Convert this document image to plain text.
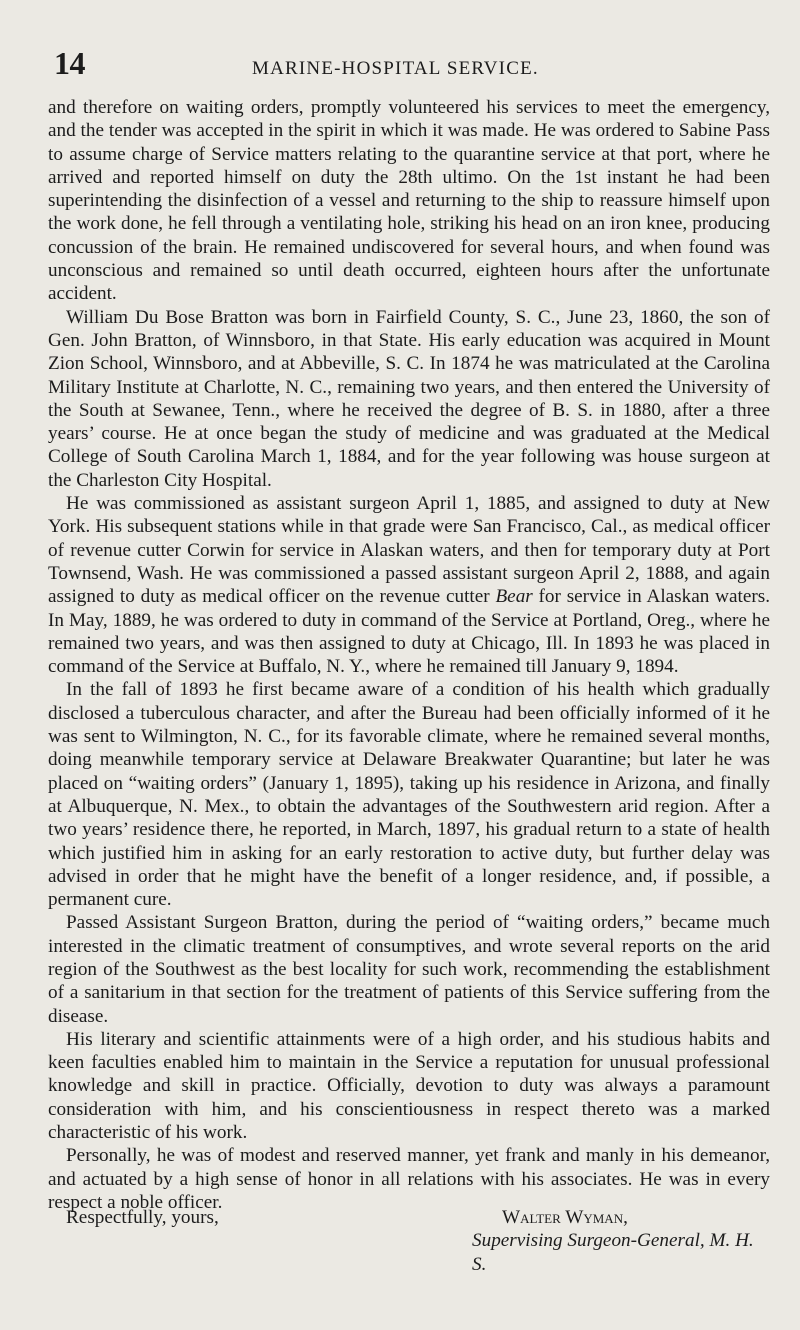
14	MARINE-HOSPITAL SERVICE.

and therefore on waiting orders, promptly volunteered his services to meet the emergency, and the tender was accepted in the spirit in which it was made. He was ordered to Sabine Pass to assume charge of Service matters relating to the quarantine service at that port, where he arrived and reported himself on duty the 28th ultimo. On the 1st instant he had been superintending the disinfection of a vessel and returning to the ship to reassure himself upon the work done, he fell through a ventilating hole, striking his head on an iron knee, producing concussion of the brain. He remained undiscovered for several hours, and when found was unconscious and remained so until death occurred, eighteen hours after the unfortunate accident.

William Du Bose Bratton was born in Fairfield County, S. C., June 23, 1860, the son of Gen. John Bratton, of Winnsboro, in that State. His early education was acquired in Mount Zion School, Winnsboro, and at Abbeville, S. C. In 1874 he was matriculated at the Carolina Military Institute at Charlotte, N. C., remaining two years, and then entered the University of the South at Sewanee, Tenn., where he received the degree of B. S. in 1880, after a three years’ course. He at once began the study of medicine and was graduated at the Medical College of South Carolina March 1, 1884, and for the year following was house surgeon at the Charleston City Hospital.

He was commissioned as assistant surgeon April 1, 1885, and assigned to duty at New York. His subsequent stations while in that grade were San Francisco, Cal., as medical officer of revenue cutter Corwin for service in Alaskan waters, and then for temporary duty at Port Townsend, Wash. He was commissioned a passed assistant surgeon April 2, 1888, and again assigned to duty as medical officer on the revenue cutter Bear for service in Alaskan waters. In May, 1889, he was ordered to duty in command of the Service at Portland, Oreg., where he remained two years, and was then assigned to duty at Chicago, Ill. In 1893 he was placed in command of the Service at Buffalo, N. Y., where he remained till January 9, 1894.

In the fall of 1893 he first became aware of a condition of his health which gradually disclosed a tuberculous character, and after the Bureau had been officially informed of it he was sent to Wilmington, N. C., for its favorable climate, where he remained several months, doing meanwhile temporary service at Delaware Breakwater Quarantine; but later he was placed on “waiting orders” (January 1, 1895), taking up his residence in Arizona, and finally at Albuquerque, N. Mex., to obtain the advantages of the Southwestern arid region. After a two years’ residence there, he reported, in March, 1897, his gradual return to a state of health which justified him in asking for an early restoration to active duty, but further delay was advised in order that he might have the benefit of a longer residence, and, if possible, a permanent cure.

Passed Assistant Surgeon Bratton, during the period of “waiting orders,” became much interested in the climatic treatment of consumptives, and wrote several reports on the arid region of the Southwest as the best locality for such work, recommending the establishment of a sanitarium in that section for the treatment of patients of this Service suffering from the disease.

His literary and scientific attainments were of a high order, and his studious habits and keen faculties enabled him to maintain in the Service a reputation for unusual professional knowledge and skill in practice. Officially, devotion to duty was always a paramount consideration with him, and his conscientiousness in respect thereto was a marked characteristic of his work.

Personally, he was of modest and reserved manner, yet frank and manly in his demeanor, and actuated by a high sense of honor in all relations with his associates. He was in every respect a noble officer.

Respectfully, yours,	Walter Wyman,
Supervising Surgeon-General, M. H. S.
